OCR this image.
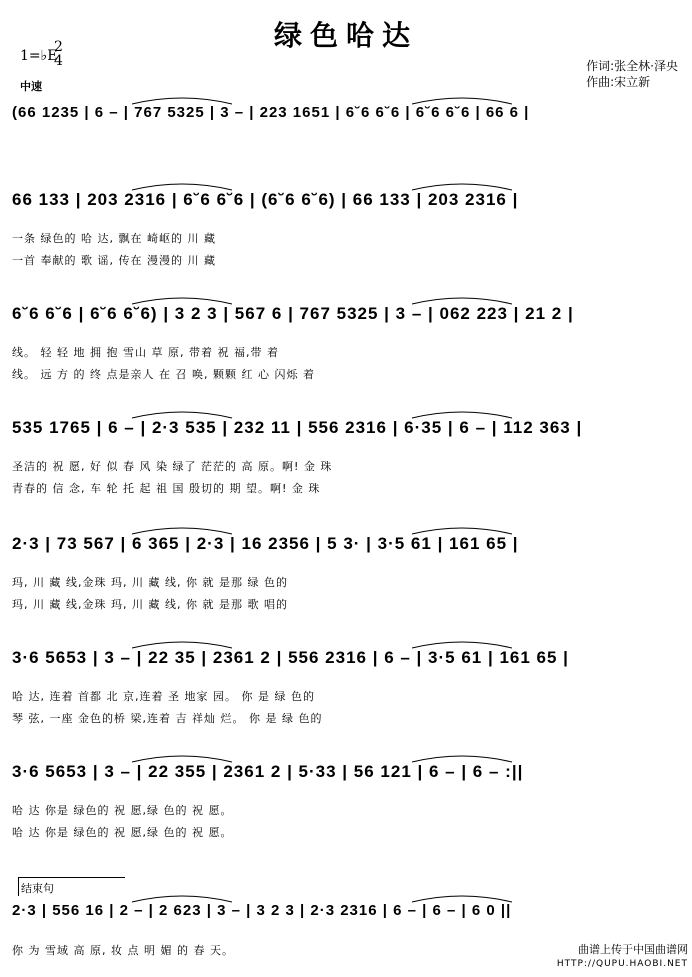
绿色哈达
1=♭E
2
4
中速
作词:张全林·泽央
作曲:宋立新
(66 1235 | 6 – | 767 5325 | 3 – | 223 1651 | 6˘6 6˘6 | 6˘6 6˘6 | 66 6 |
66 133 | 203 2316 | 6˘6 6˘6 | (6˘6 6˘6) | 66 133 | 203 2316 |
一条 绿色的 哈 达, 飘在 崎岖的 川 藏
一首 奉献的 歌 谣, 传在 漫漫的 川 藏
6˘6 6˘6 | 6˘6 6˘6) | 3 2 3 | 567 6 | 767 5325 | 3 – | 062 223 | 21 2 |
线。 轻 轻 地 拥 抱 雪山 草 原, 带着 祝 福,带 着
线。 远 方 的 终 点是亲人 在 召 唤, 颗颗 红 心 闪烁 着
535 1765 | 6 – | 2·3 535 | 232 11 | 556 2316 | 6·35 | 6 – | 112 363 |
圣洁的 祝 愿, 好 似 春 风 染 绿了 茫茫的 高 原。啊! 金 珠
青春的 信 念, 车 轮 托 起 祖 国 殷切的 期 望。啊! 金 珠
2·3 | 73 567 | 6 365 | 2·3 | 16 2356 | 5 3· | 3·5 61 | 161 65 |
玛, 川 藏 线,金珠 玛, 川 藏 线, 你 就 是那 绿 色的
玛, 川 藏 线,金珠 玛, 川 藏 线, 你 就 是那 歌 唱的
3·6 5653 | 3 – | 22 35 | 2361 2 | 556 2316 | 6 – | 3·5 61 | 161 65 |
哈 达, 连着 首都 北 京,连着 圣 地家 园。 你 是 绿 色的
琴 弦, 一座 金色的桥 梁,连着 吉 祥灿 烂。 你 是 绿 色的
3·6 5653 | 3 – | 22 355 | 2361 2 | 5·33 | 56 121 | 6 – | 6 – :||
哈 达 你是 绿色的 祝 愿,绿 色的 祝 愿。
哈 达 你是 绿色的 祝 愿,绿 色的 祝 愿。
2·3 | 556 16 | 2 – | 2 623 | 3 – | 3 2 3 | 2·3 2316 | 6 – | 6 – | 6 0 ||
你 为 雪域 高 原, 妆 点 明 媚 的 春 天。
结束句
曲谱上传于中国曲谱网
HTTP://QUPU.HAOBI.NET
